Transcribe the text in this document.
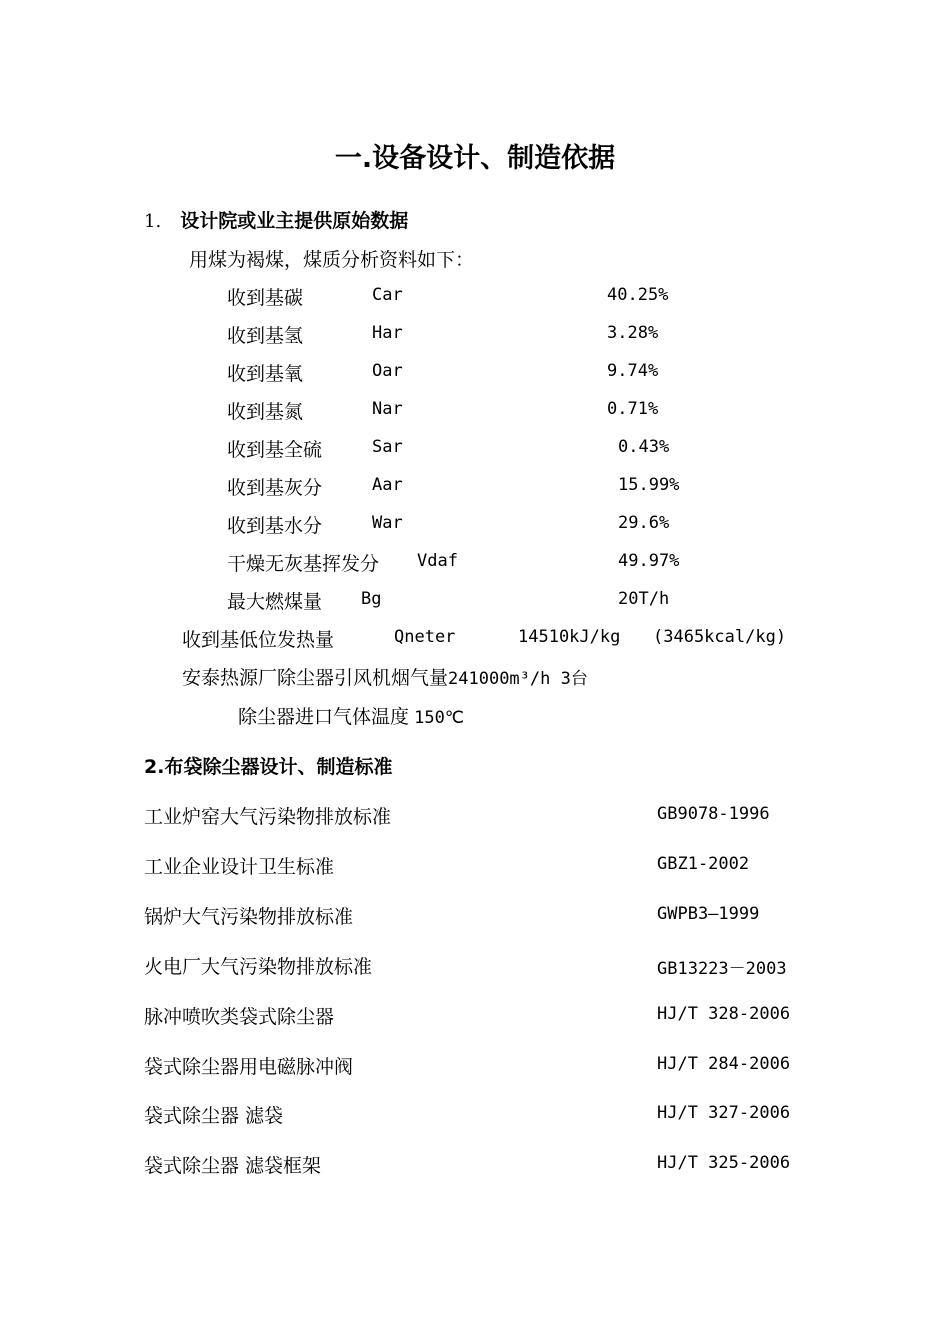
一.设备设计、制造依据
1. 设计院或业主提供原始数据
用煤为褐煤，煤质分析资料如下：
收到基碳	Car	40.25%
收到基氢	Har	3.28%
收到基氧	Oar	9.74%
收到基氮	Nar	0.71%
收到基全硫	Sar	0.43%
收到基灰分	Aar	15.99%
收到基水分	War	29.6%
干燥无灰基挥发分 Vdaf	49.97%
最大燃煤量 Bg	20T/h
收到基低位发热量	Qneter	14510kJ/kg (3465kcal/kg)
安泰热源厂除尘器引风机烟气量241000m³/h 3台
除尘器进口气体温度 150℃
2.布袋除尘器设计、制造标准
工业炉窑大气污染物排放标准	GB9078-1996
工业企业设计卫生标准	GBZ1-2002
锅炉大气污染物排放标准	GWPB3—1999
火电厂大气污染物排放标准	GB13223－2003
脉冲喷吹类袋式除尘器	HJ/T 328-2006
袋式除尘器用电磁脉冲阀	HJ/T 284-2006
袋式除尘器 滤袋	HJ/T 327-2006
袋式除尘器 滤袋框架	HJ/T 325-2006
